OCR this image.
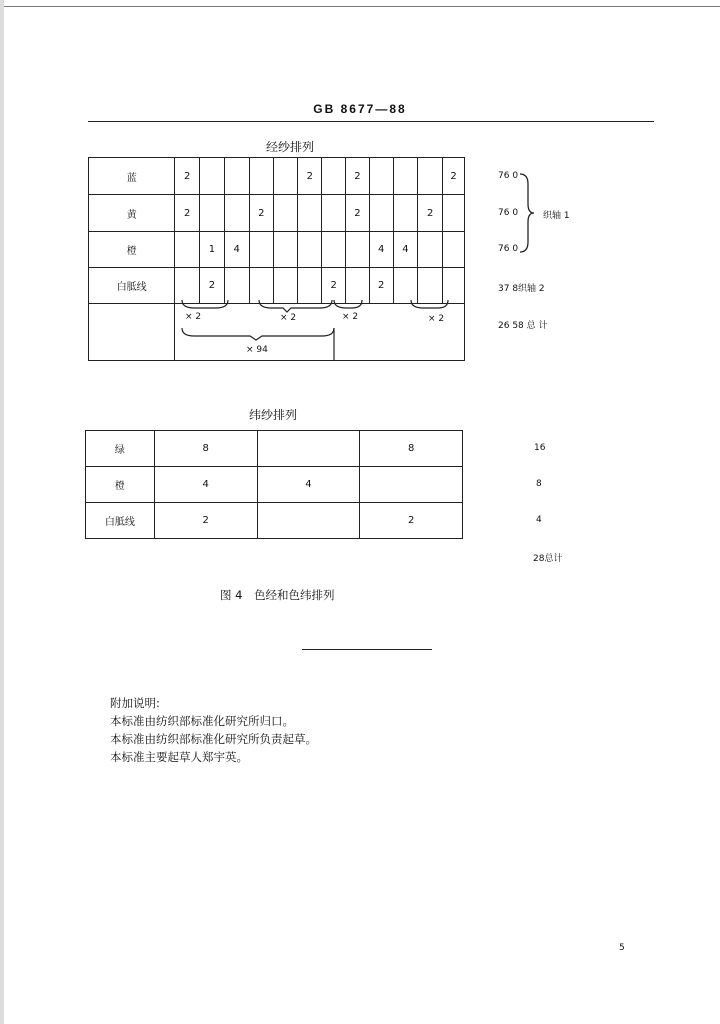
GB 8677—88
经纱排列
蓝	2					2		2				2
黄	2			2				2			2	
橙		1	4						4	4		
白胝线		2					2		2			

× 2	× 2	× 2	× 2
× 94
76 0
76 0
76 0
织轴 1
37 8织轴 2
26 58 总 计
纬纱排列
绿	8		8
橙	4	4	
白胝线	2		2
16
8
4
28总计
图 4　色经和色纬排列
附加说明:
本标准由纺织部标准化研究所归口。
本标准由纺织部标准化研究所负责起草。
本标准主要起草人郑宇英。
5
